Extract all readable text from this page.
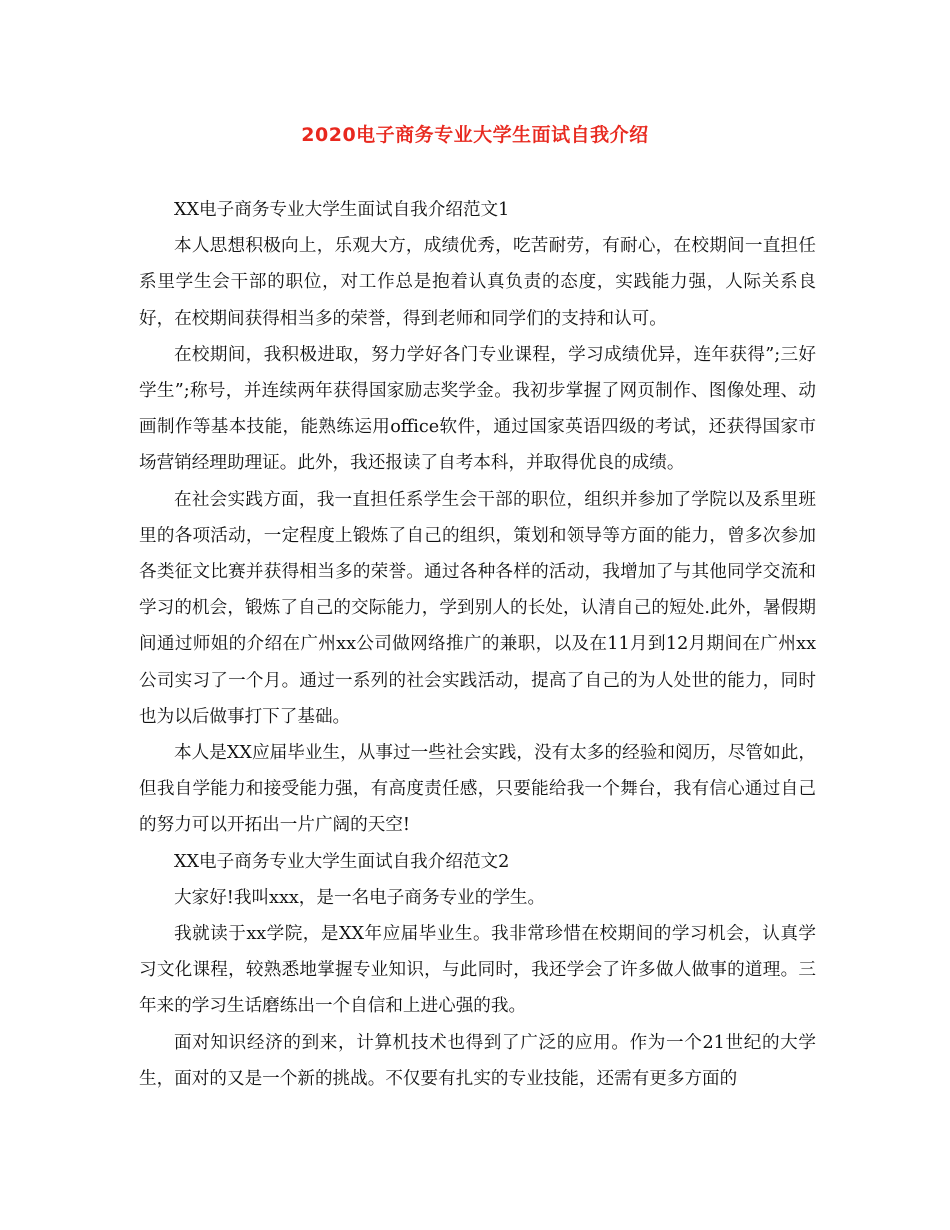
2020电子商务专业大学生面试自我介绍

XX电子商务专业大学生面试自我介绍范文1

本人思想积极向上，乐观大方，成绩优秀，吃苦耐劳，有耐心，在校期间一直担任系里学生会干部的职位，对工作总是抱着认真负责的态度，实践能力强，人际关系良好，在校期间获得相当多的荣誉，得到老师和同学们的支持和认可。

在校期间，我积极进取，努力学好各门专业课程，学习成绩优异，连年获得”;三好学生”;称号，并连续两年获得国家励志奖学金。我初步掌握了网页制作、图像处理、动画制作等基本技能，能熟练运用office软件，通过国家英语四级的考试，还获得国家市场营销经理助理证。此外，我还报读了自考本科，并取得优良的成绩。

在社会实践方面，我一直担任系学生会干部的职位，组织并参加了学院以及系里班里的各项活动，一定程度上锻炼了自己的组织，策划和领导等方面的能力，曾多次参加各类征文比赛并获得相当多的荣誉。通过各种各样的活动，我增加了与其他同学交流和学习的机会，锻炼了自己的交际能力，学到别人的长处，认清自己的短处.此外，暑假期间通过师姐的介绍在广州xx公司做网络推广的兼职，以及在11月到12月期间在广州xx公司实习了一个月。通过一系列的社会实践活动，提高了自己的为人处世的能力，同时也为以后做事打下了基础。

本人是XX应届毕业生，从事过一些社会实践，没有太多的经验和阅历，尽管如此，但我自学能力和接受能力强，有高度责任感，只要能给我一个舞台，我有信心通过自己的努力可以开拓出一片广阔的天空!

XX电子商务专业大学生面试自我介绍范文2

大家好!我叫xxx，是一名电子商务专业的学生。

我就读于xx学院，是XX年应届毕业生。我非常珍惜在校期间的学习机会，认真学习文化课程，较熟悉地掌握专业知识，与此同时，我还学会了许多做人做事的道理。三年来的学习生话磨练出一个自信和上进心强的我。

面对知识经济的到来，计算机技术也得到了广泛的应用。作为一个21世纪的大学生，面对的又是一个新的挑战。不仅要有扎实的专业技能，还需有更多方面的
